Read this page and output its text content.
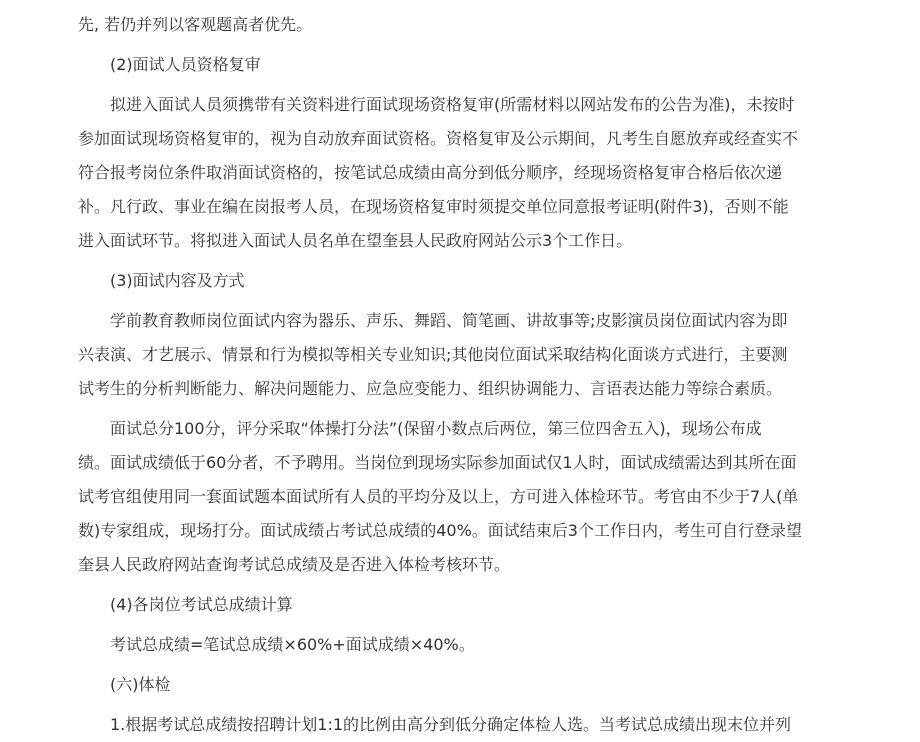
先, 若仍并列以客观题高者优先。
(2)面试人员资格复审
拟进入面试人员须携带有关资料进行面试现场资格复审(所需材料以网站发布的公告为准)，未按时
参加面试现场资格复审的，视为自动放弃面试资格。资格复审及公示期间，凡考生自愿放弃或经查实不
符合报考岗位条件取消面试资格的，按笔试总成绩由高分到低分顺序，经现场资格复审合格后依次递
补。凡行政、事业在编在岗报考人员，在现场资格复审时须提交单位同意报考证明(附件3)，否则不能
进入面试环节。将拟进入面试人员名单在望奎县人民政府网站公示3个工作日。
(3)面试内容及方式
学前教育教师岗位面试内容为器乐、声乐、舞蹈、简笔画、讲故事等;皮影演员岗位面试内容为即
兴表演、才艺展示、情景和行为模拟等相关专业知识;其他岗位面试采取结构化面谈方式进行，主要测
试考生的分析判断能力、解决问题能力、应急应变能力、组织协调能力、言语表达能力等综合素质。
面试总分100分，评分采取“体操打分法”(保留小数点后两位，第三位四舍五入)，现场公布成
绩。面试成绩低于60分者，不予聘用。当岗位到现场实际参加面试仅1人时，面试成绩需达到其所在面
试考官组使用同一套面试题本面试所有人员的平均分及以上，方可进入体检环节。考官由不少于7人(单
数)专家组成，现场打分。面试成绩占考试总成绩的40%。面试结束后3个工作日内，考生可自行登录望
奎县人民政府网站查询考试总成绩及是否进入体检考核环节。
(4)各岗位考试总成绩计算
考试总成绩=笔试总成绩×60%+面试成绩×40%。
(六)体检
1.根据考试总成绩按招聘计划1:1的比例由高分到低分确定体检人选。当考试总成绩出现末位并列
